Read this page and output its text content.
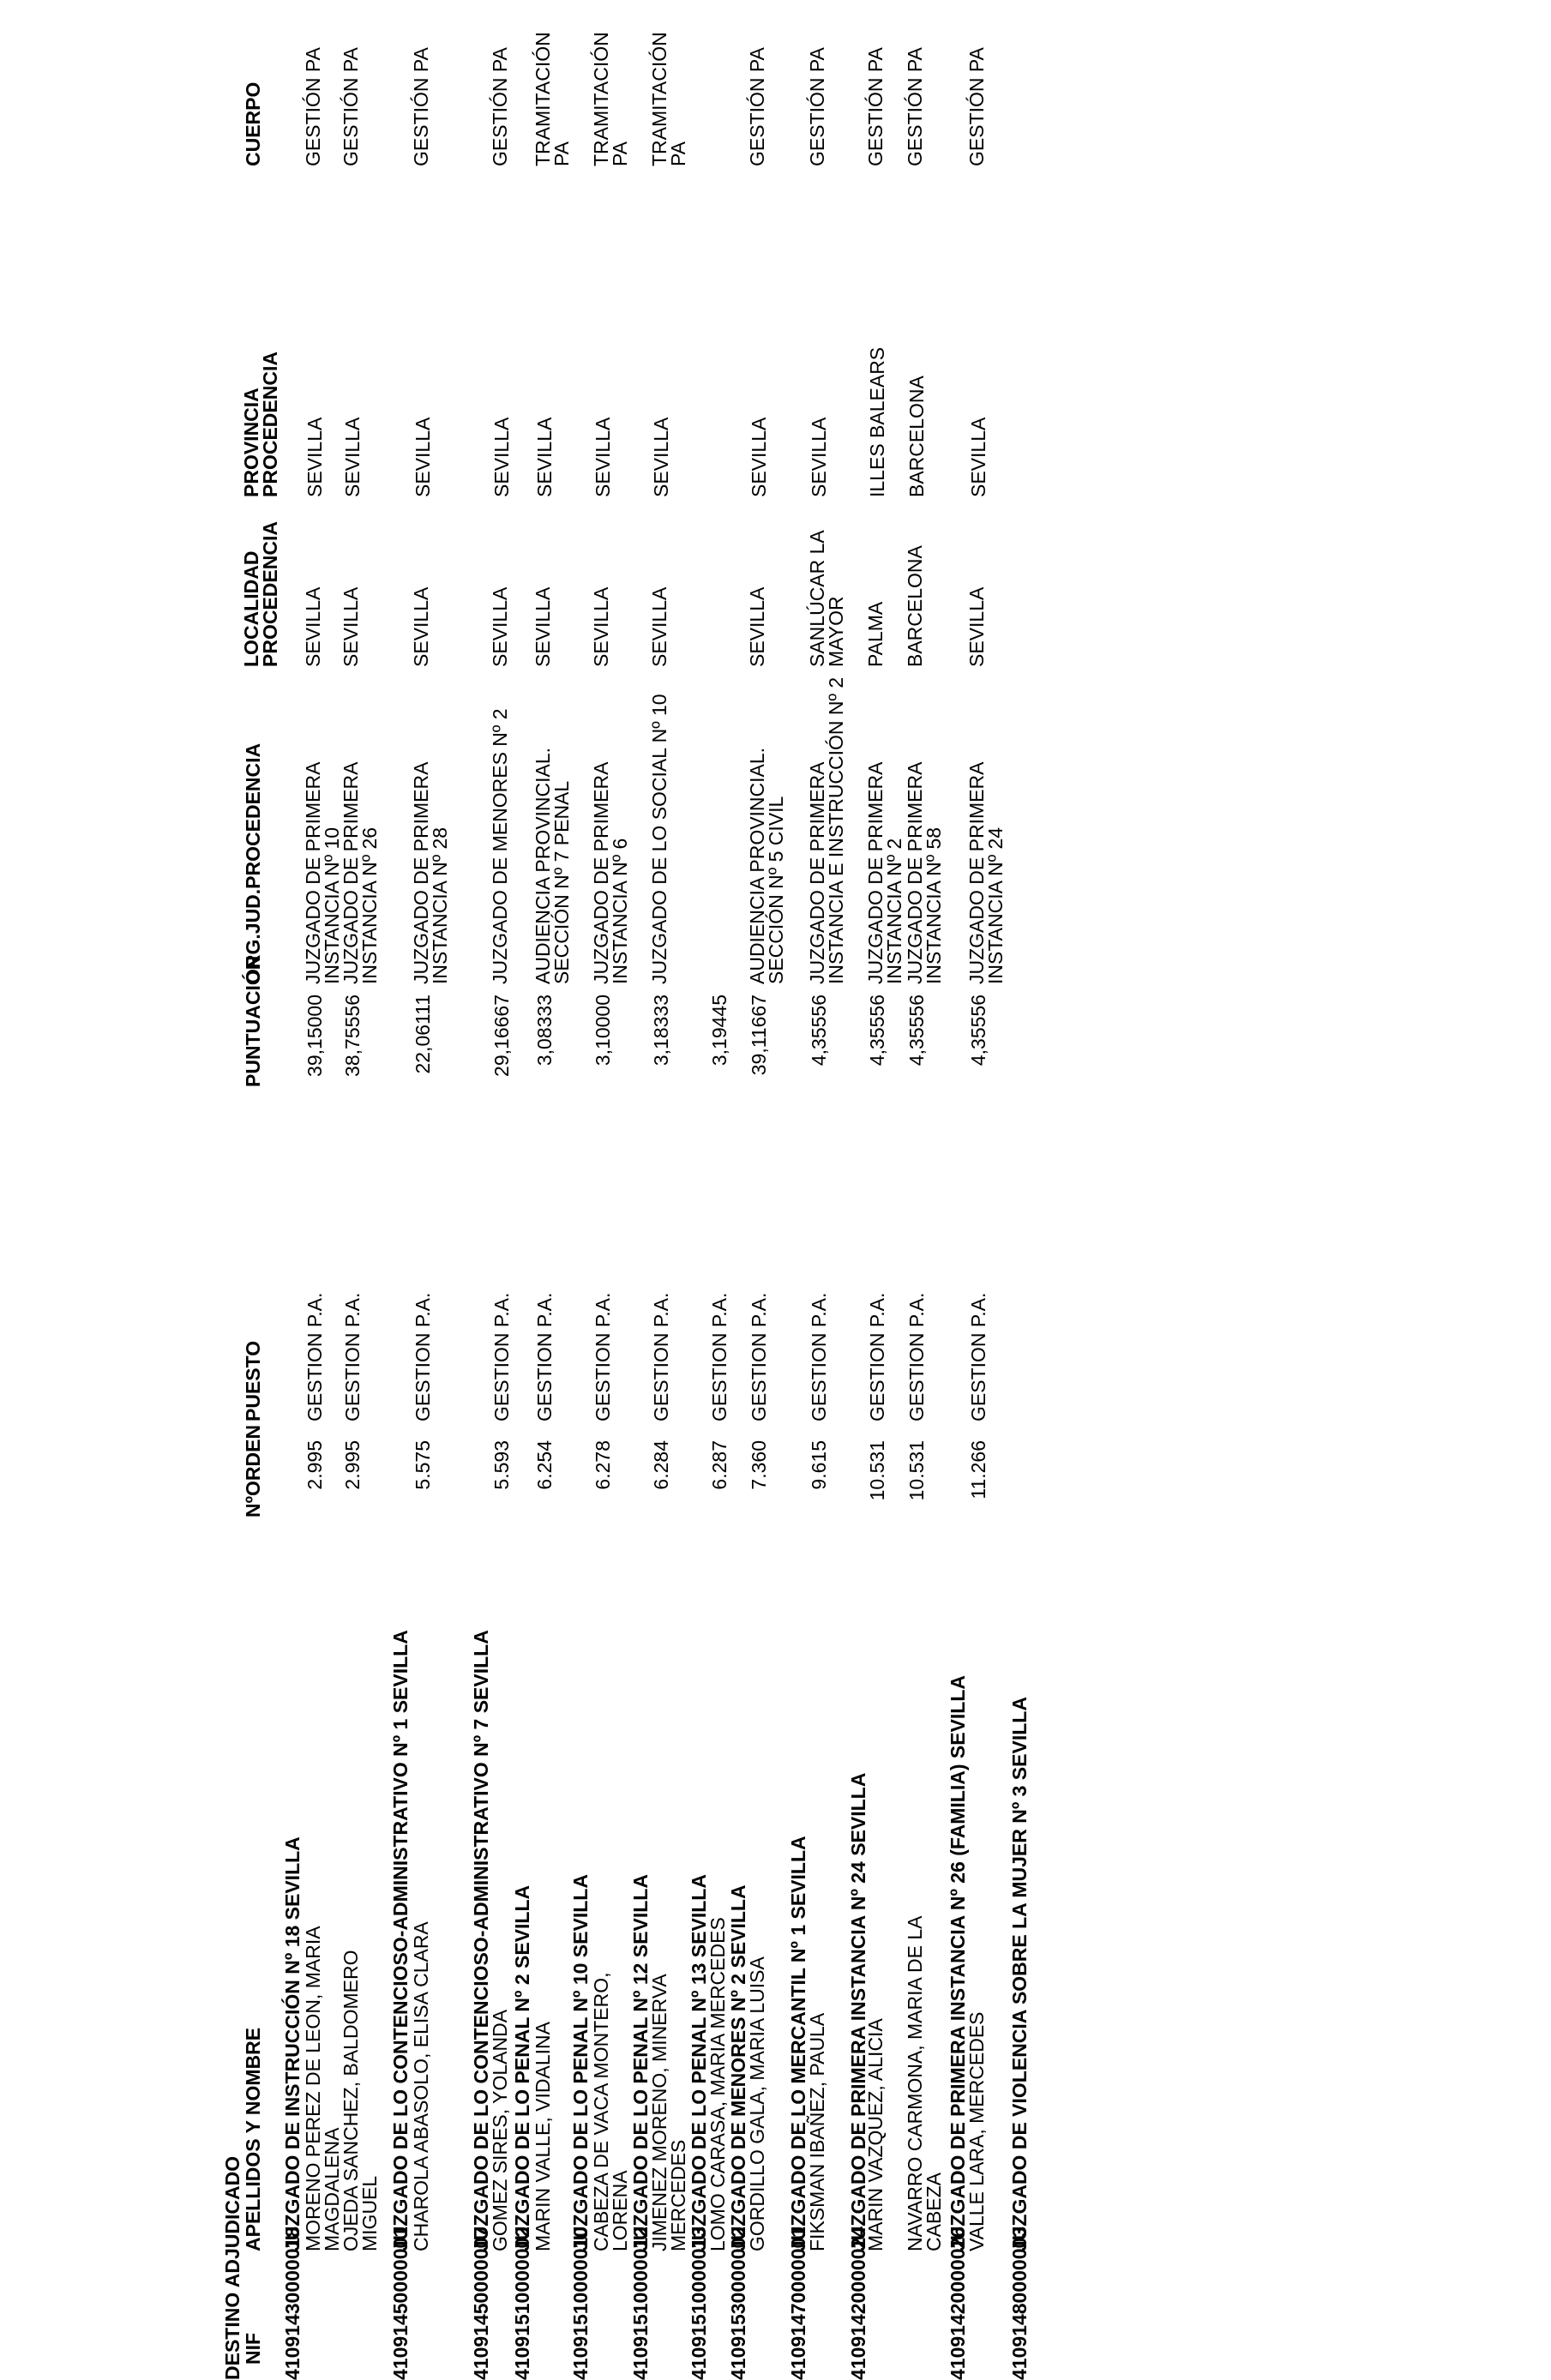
DESTINO ADJUDICADO
NIF
APELLIDOS Y NOMBRE
NºORDEN
PUESTO
PUNTUACIÓN
ORG.JUD.PROCEDENCIA
LOCALIDAD PROCEDENCIA
PROVINCIA PROCEDENCIA
CUERPO
41091430000018
JUZGADO DE INSTRUCCIÓN Nº 18 SEVILLA
MORENO PEREZ DE LEON, MARIA MAGDALENA
2.995
GESTION P.A.
39,15000
JUZGADO DE PRIMERA INSTANCIA Nº 10
SEVILLA
SEVILLA
GESTIÓN PA
OJEDA SANCHEZ, BALDOMERO MIGUEL
2.995
GESTION P.A.
38,75556
JUZGADO DE PRIMERA INSTANCIA Nº 26
SEVILLA
SEVILLA
GESTIÓN PA
41091450000001
JUZGADO DE LO CONTENCIOSO-ADMINISTRATIVO Nº 1 SEVILLA
CHAROLA ABASOLO, ELISA CLARA
5.575
GESTION P.A.
22,06111
JUZGADO DE PRIMERA INSTANCIA Nº 28
SEVILLA
SEVILLA
GESTIÓN PA
41091450000007
JUZGADO DE LO CONTENCIOSO-ADMINISTRATIVO Nº 7 SEVILLA
GOMEZ SIRES, YOLANDA
5.593
GESTION P.A.
29,16667
JUZGADO DE MENORES Nº 2
SEVILLA
SEVILLA
GESTIÓN PA
41091510000002
JUZGADO DE LO PENAL Nº 2 SEVILLA
MARIN VALLE, VIDALINA
6.254
GESTION P.A.
3,08333
AUDIENCIA PROVINCIAL. SECCIÓN Nº 7 PENAL
SEVILLA
SEVILLA
TRAMITACIÓN PA
41091510000010
JUZGADO DE LO PENAL Nº 10 SEVILLA
CABEZA DE VACA MONTERO, LORENA
6.278
GESTION P.A.
3,10000
JUZGADO DE PRIMERA INSTANCIA Nº 6
SEVILLA
SEVILLA
TRAMITACIÓN PA
41091510000012
JUZGADO DE LO PENAL Nº 12 SEVILLA
JIMENEZ MORENO, MINERVA MERCEDES
6.284
GESTION P.A.
3,18333
JUZGADO DE LO SOCIAL Nº 10
SEVILLA
SEVILLA
TRAMITACIÓN PA
41091510000013
JUZGADO DE LO PENAL Nº 13 SEVILLA
LOMO CARASA, MARIA MERCEDES
6.287
GESTION P.A.
3,19445
41091530000002
JUZGADO DE MENORES Nº 2 SEVILLA
GORDILLO GALA, MARIA LUISA
7.360
GESTION P.A.
39,11667
AUDIENCIA PROVINCIAL. SECCIÓN Nº 5 CIVIL
SEVILLA
SEVILLA
GESTIÓN PA
41091470000001
JUZGADO DE LO MERCANTIL Nº 1 SEVILLA
FIKSMAN IBAÑEZ, PAULA
9.615
GESTION P.A.
4,35556
JUZGADO DE PRIMERA INSTANCIA E INSTRUCCIÓN Nº 2
SANLÚCAR LA MAYOR
SEVILLA
GESTIÓN PA
41091420000024
JUZGADO DE PRIMERA INSTANCIA Nº 24 SEVILLA
MARIN VAZQUEZ, ALICIA
10.531
GESTION P.A.
4,35556
JUZGADO DE PRIMERA INSTANCIA Nº 2
PALMA
ILLES BALEARS
GESTIÓN PA
NAVARRO CARMONA, MARIA DE LA CABEZA
10.531
GESTION P.A.
4,35556
JUZGADO DE PRIMERA INSTANCIA Nº 58
BARCELONA
BARCELONA
GESTIÓN PA
41091420000026
JUZGADO DE PRIMERA INSTANCIA Nº 26 (FAMILIA) SEVILLA
VALLE LARA, MERCEDES
11.266
GESTION P.A.
4,35556
JUZGADO DE PRIMERA INSTANCIA Nº 24
SEVILLA
SEVILLA
GESTIÓN PA
41091480000003
JUZGADO DE VIOLENCIA SOBRE LA MUJER Nº 3 SEVILLA
